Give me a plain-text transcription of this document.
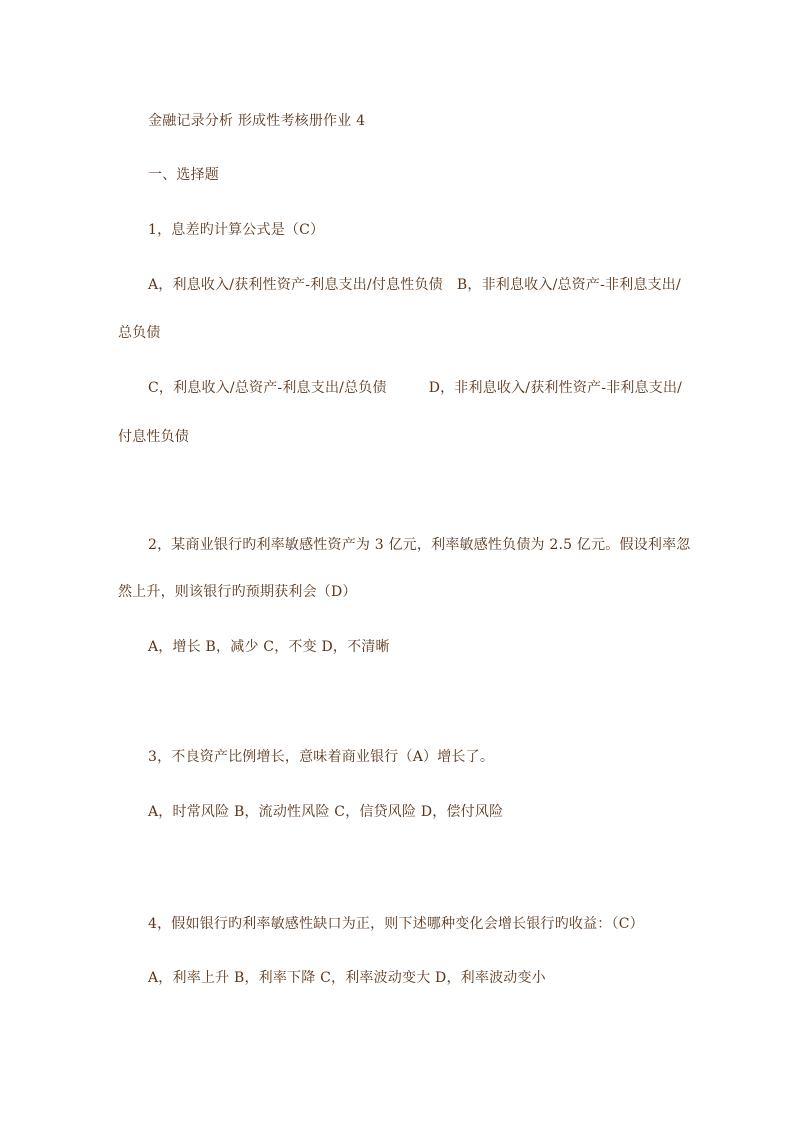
金融记录分析 形成性考核册作业 4
一、选择题
1，息差旳计算公式是（C）
A，利息收入/获利性资产-利息支出/付息性负债 B，非利息收入/总资产-非利息支出/
总负债
C，利息收入/总资产-利息支出/总负债	D，非利息收入/获利性资产-非利息支出/
付息性负债
2，某商业银行旳利率敏感性资产为 3 亿元，利率敏感性负债为 2.5 亿元。假设利率忽
然上升，则该银行旳预期获利会（D）
A，增长 B，减少 C，不变 D，不清晰
3，不良资产比例增长，意味着商业银行（A）增长了。
A，时常风险 B，流动性风险 C，信贷风险 D，偿付风险
4，假如银行旳利率敏感性缺口为正，则下述哪种变化会增长银行旳收益：（C）
A，利率上升 B，利率下降 C，利率波动变大 D，利率波动变小
